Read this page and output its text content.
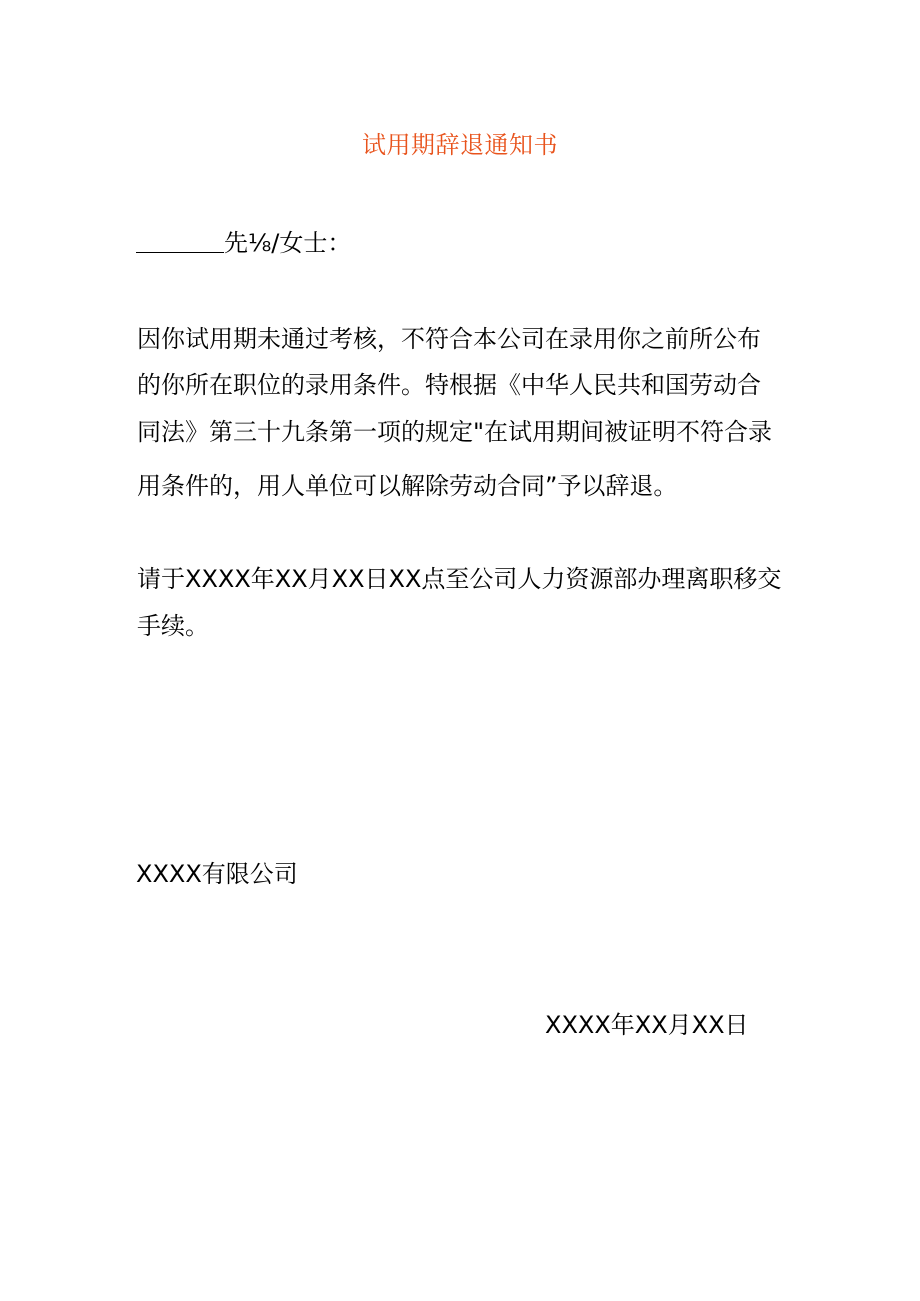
试用期辞退通知书
先⅛/女士：
因你试用期未通过考核，不符合本公司在录用你之前所公布
的你所在职位的录用条件。特根据《中华人民共和国劳动合
同法》第三十九条第一项的规定"在试用期间被证明不符合录
用条件的，用人单位可以解除劳动合同”予以辞退。
请于XXXX年XX月XX日XX点至公司人力资源部办理离职移交
手续。
XXXX有限公司
XXXX年XX月XX日
